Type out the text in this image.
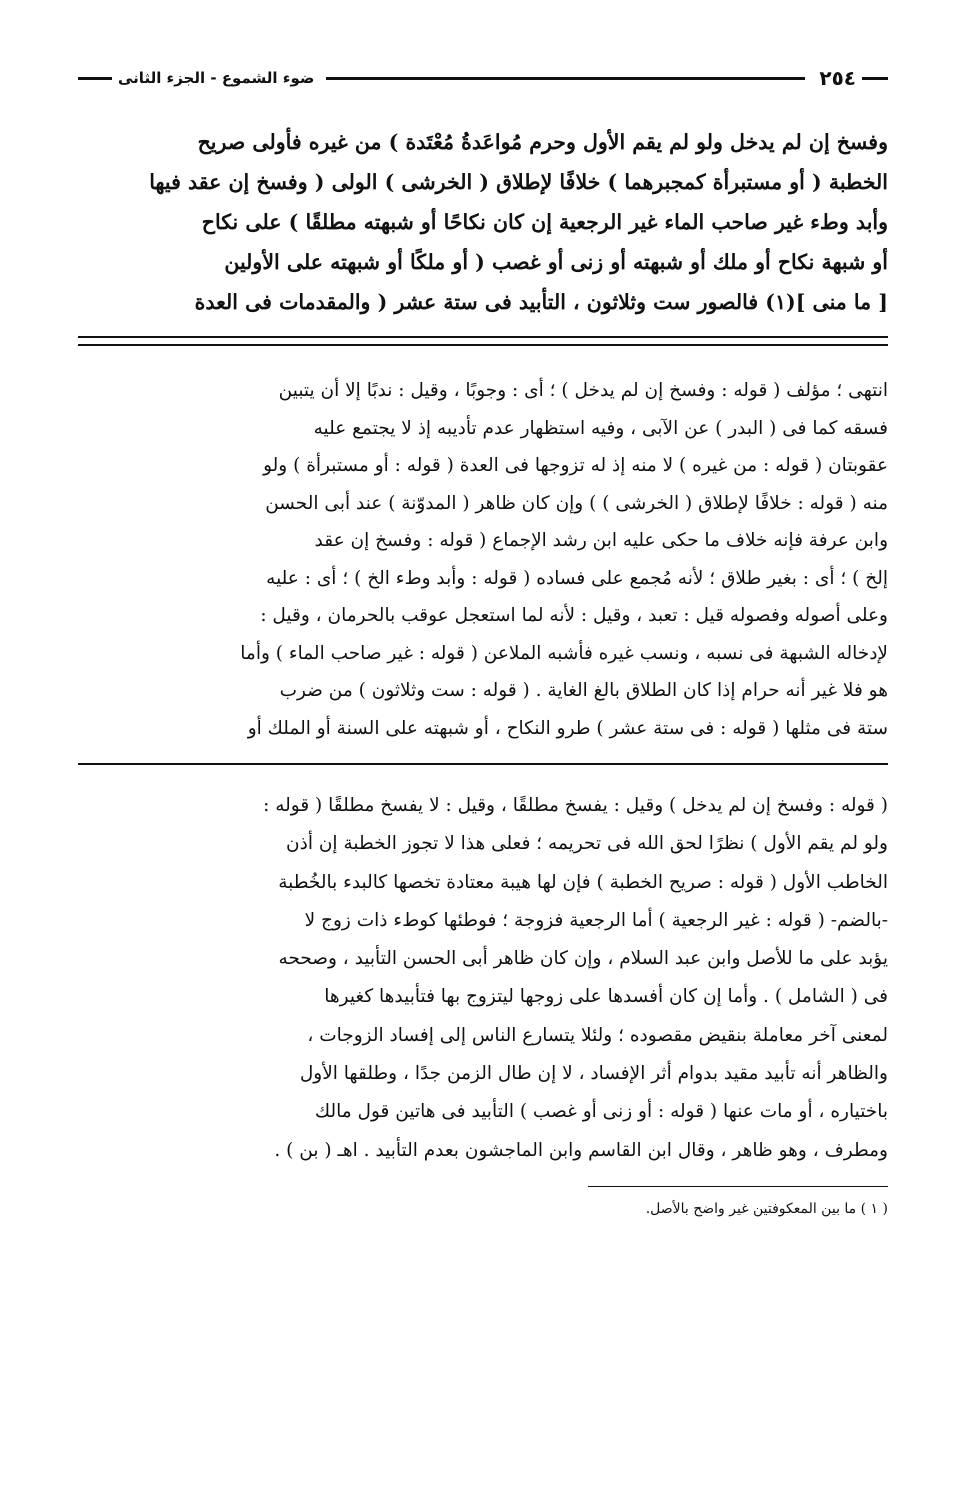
٢٥٤
ضوء الشموع - الجزء الثانى

وفسخ إن لم يدخل ولو لم يقم الأول وحرم مُواعَدةُ مُعْتَدة ) من غيره فأولى صريح

الخطبة ( أو مستبرأة كمجبرهما ) خلافًا لإطلاق ( الخرشى ) الولى ( وفسخ إن عقد فيها

وأبد وطء غير صاحب الماء غير الرجعية إن كان نكاحًا أو شبهته مطلقًا ) على نكاح

أو شبهة نكاح أو ملك أو شبهته أو زنى أو غصب ( أو ملكًا أو شبهته على الأولين

[ ما منى ](١) فالصور ست وثلاثون ، التأبيد فى ستة عشر ( والمقدمات فى العدة

انتهى ؛ مؤلف ( قوله : وفسخ إن لم يدخل ) ؛ أى : وجوبًا ، وقيل : ندبًا إلا أن يتبين

فسقه كما فى ( البدر ) عن الآبى ، وفيه استظهار عدم تأديبه إذ لا يجتمع عليه

عقوبتان ( قوله : من غيره ) لا منه إذ له تزوجها فى العدة ( قوله : أو مستبرأة ) ولو

منه ( قوله : خلافًا لإطلاق ( الخرشى ) ) وإن كان ظاهر ( المدوّنة ) عند أبى الحسن

وابن عرفة فإنه خلاف ما حكى عليه ابن رشد الإجماع ( قوله : وفسخ إن عقد

إلخ ) ؛ أى : بغير طلاق ؛ لأنه مُجمع على فساده ( قوله : وأبد وطء الخ ) ؛ أى : عليه

وعلى أصوله وفصوله قيل : تعبد ، وقيل : لأنه لما استعجل عوقب بالحرمان ، وقيل :

لإدخاله الشبهة فى نسبه ، ونسب غيره فأشبه الملاعن ( قوله : غير صاحب الماء ) وأما

هو فلا غير أنه حرام إذا كان الطلاق بالغ الغاية . ( قوله : ست وثلاثون ) من ضرب

ستة فى مثلها ( قوله : فى ستة عشر ) طرو النكاح ، أو شبهته على السنة أو الملك أو

( قوله : وفسخ إن لم يدخل ) وقيل : يفسخ مطلقًا ، وقيل : لا يفسخ مطلقًا ( قوله :

ولو لم يقم الأول ) نظرًا لحق الله فى تحريمه ؛ فعلى هذا لا تجوز الخطبة إن أذن

الخاطب الأول ( قوله : صريح الخطبة ) فإن لها هيبة معتادة تخصها كالبدء بالخُطبة

-بالضم- ( قوله : غير الرجعية ) أما الرجعية فزوجة ؛ فوطئها كوطء ذات زوج لا

يؤبد على ما للأصل وابن عبد السلام ، وإن كان ظاهر أبى الحسن التأبيد ، وصححه

فى ( الشامل ) . وأما إن كان أفسدها على زوجها ليتزوج بها فتأبيدها كغيرها

لمعنى آخر معاملة بنقيض مقصوده ؛ ولئلا يتسارع الناس إلى إفساد الزوجات ،

والظاهر أنه تأبيد مقيد بدوام أثر الإفساد ، لا إن طال الزمن جدًا ، وطلقها الأول

باختياره ، أو مات عنها ( قوله : أو زنى أو غصب ) التأبيد فى هاتين قول مالك

ومطرف ، وهو ظاهر ، وقال ابن القاسم وابن الماجشون بعدم التأبيد . اهـ ( بن ) .

( ١ ) ما بين المعكوفتين غير واضح بالأصل.
